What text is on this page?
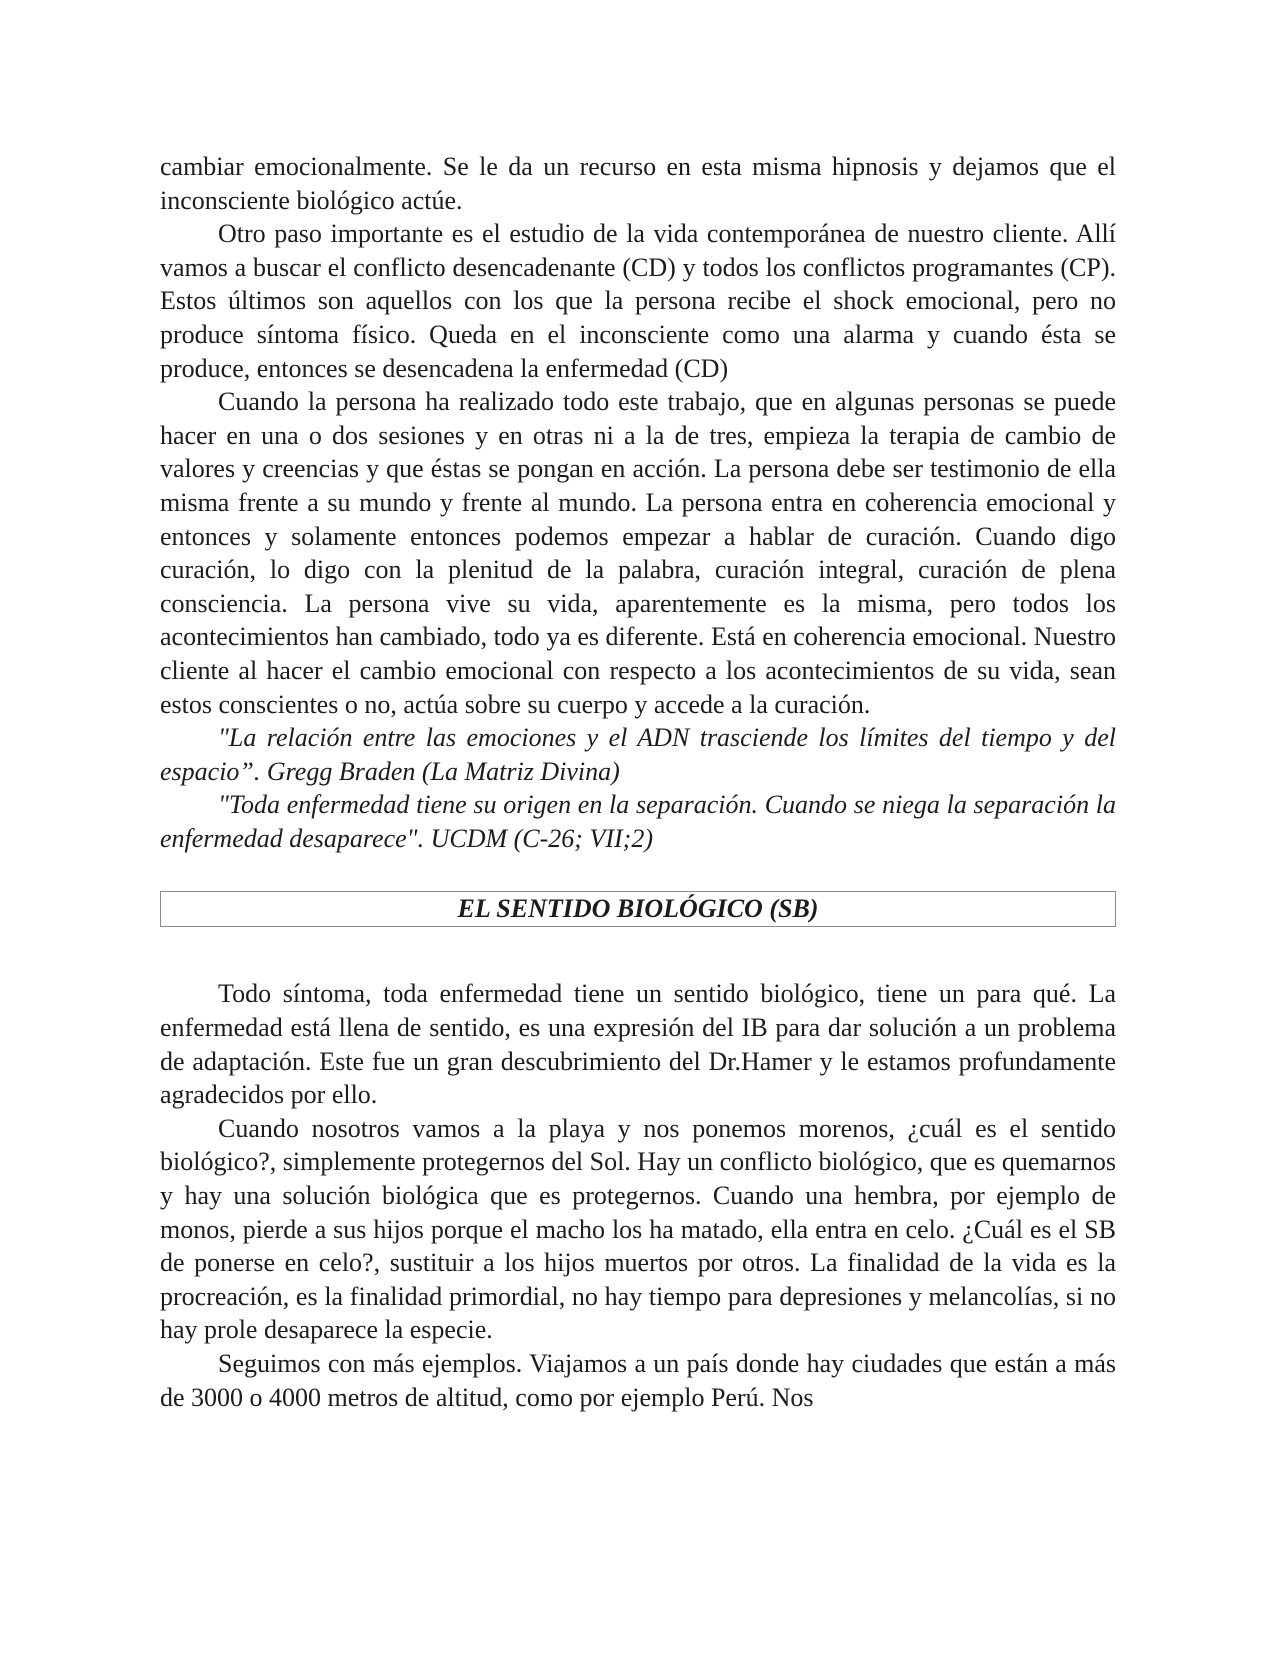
cambiar emocionalmente. Se le da un recurso en esta misma hipnosis y dejamos que el inconsciente biológico actúe.

Otro paso importante es el estudio de la vida contemporánea de nuestro cliente. Allí vamos a buscar el conflicto desencadenante (CD) y todos los conflictos programantes (CP). Estos últimos son aquellos con los que la persona recibe el shock emocional, pero no produce síntoma físico. Queda en el inconsciente como una alarma y cuando ésta se produce, entonces se desencadena la enfermedad (CD)

Cuando la persona ha realizado todo este trabajo, que en algunas personas se puede hacer en una o dos sesiones y en otras ni a la de tres, empieza la terapia de cambio de valores y creencias y que éstas se pongan en acción. La persona debe ser testimonio de ella misma frente a su mundo y frente al mundo. La persona entra en coherencia emocional y entonces y solamente entonces podemos empezar a hablar de curación. Cuando digo curación, lo digo con la plenitud de la palabra, curación integral, curación de plena consciencia. La persona vive su vida, aparentemente es la misma, pero todos los acontecimientos han cambiado, todo ya es diferente. Está en coherencia emocional. Nuestro cliente al hacer el cambio emocional con respecto a los acontecimientos de su vida, sean estos conscientes o no, actúa sobre su cuerpo y accede a la curación.

"La relación entre las emociones y el ADN trasciende los límites del tiempo y del espacio”. Gregg Braden (La Matriz Divina)

"Toda enfermedad tiene su origen en la separación. Cuando se niega la separación la enfermedad desaparece". UCDM (C-26; VII;2)

EL SENTIDO BIOLÓGICO (SB)

Todo síntoma, toda enfermedad tiene un sentido biológico, tiene un para qué. La enfermedad está llena de sentido, es una expresión del IB para dar solución a un problema de adaptación. Este fue un gran descubrimiento del Dr.Hamer y le estamos profundamente agradecidos por ello.

Cuando nosotros vamos a la playa y nos ponemos morenos, ¿cuál es el sentido biológico?, simplemente protegernos del Sol. Hay un conflicto biológico, que es quemarnos y hay una solución biológica que es protegernos. Cuando una hembra, por ejemplo de monos, pierde a sus hijos porque el macho los ha matado, ella entra en celo. ¿Cuál es el SB de ponerse en celo?, sustituir a los hijos muertos por otros. La finalidad de la vida es la procreación, es la finalidad primordial, no hay tiempo para depresiones y melancolías, si no hay prole desaparece la especie.

Seguimos con más ejemplos. Viajamos a un país donde hay ciudades que están a más de 3000 o 4000 metros de altitud, como por ejemplo Perú. Nos
